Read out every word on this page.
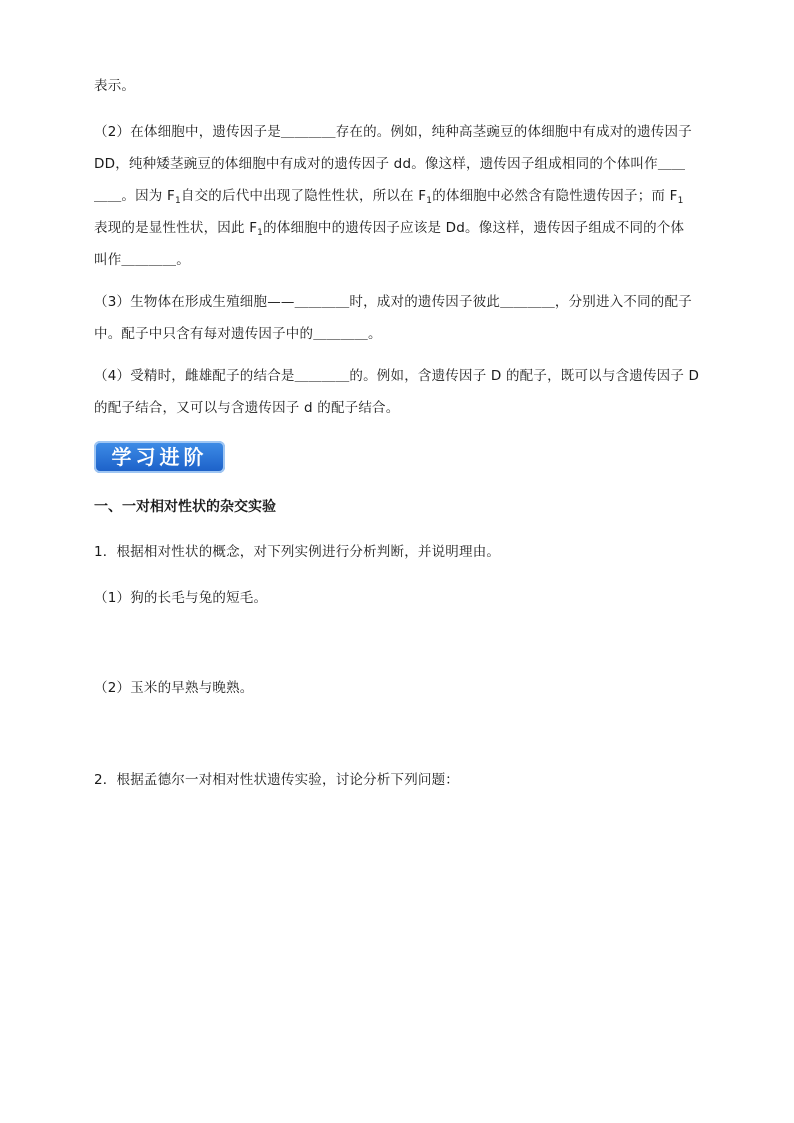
表示。
（2）在体细胞中，遗传因子是＿＿＿＿存在的。例如，纯种高茎豌豆的体细胞中有成对的遗传因子
DD，纯种矮茎豌豆的体细胞中有成对的遗传因子 dd。像这样，遗传因子组成相同的个体叫作＿＿
＿＿。因为 $F_1$自交的后代中出现了隐性性状，所以在 $F_1$的体细胞中必然含有隐性遗传因子；而 $F_1$
表现的是显性性状，因此 $F_1$的体细胞中的遗传因子应该是 Dd。像这样，遗传因子组成不同的个体
叫作＿＿＿＿。
（3）生物体在形成生殖细胞——＿＿＿＿时，成对的遗传因子彼此＿＿＿＿，分别进入不同的配子
中。配子中只含有每对遗传因子中的＿＿＿＿。
（4）受精时，雌雄配子的结合是＿＿＿＿的。例如，含遗传因子 D 的配子，既可以与含遗传因子 D
的配子结合，又可以与含遗传因子 d 的配子结合。
学习进阶
一、一对相对性状的杂交实验
1．根据相对性状的概念，对下列实例进行分析判断，并说明理由。
（1）狗的长毛与兔的短毛。
（2）玉米的早熟与晚熟。
2．根据孟德尔一对相对性状遗传实验，讨论分析下列问题：
